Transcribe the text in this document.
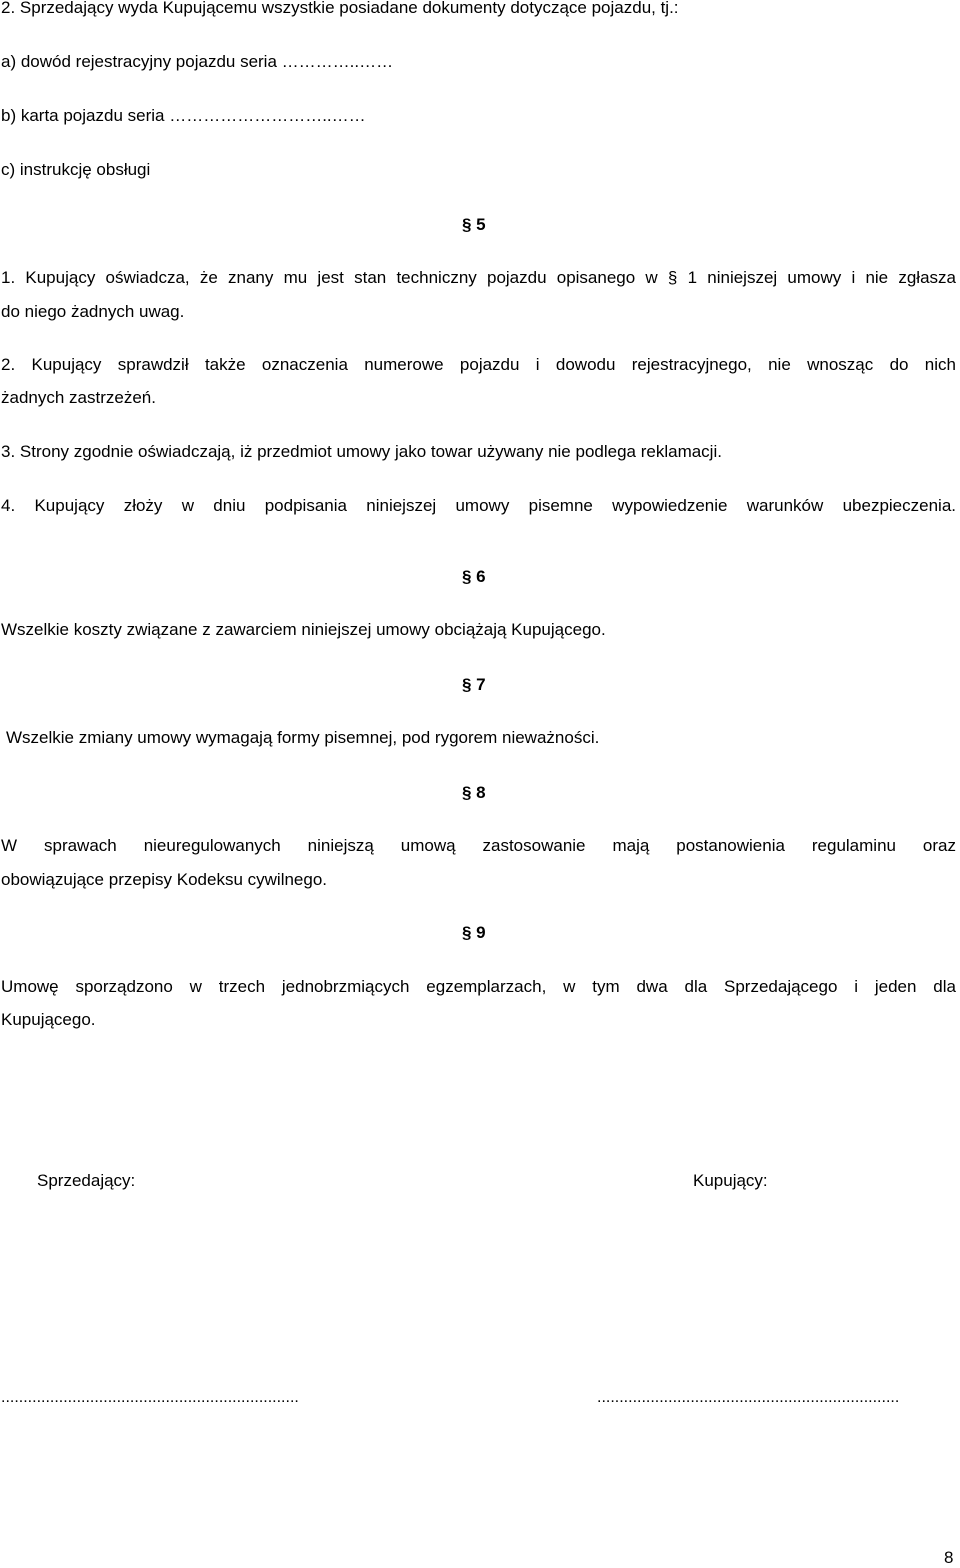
2. Sprzedający wyda Kupującemu wszystkie posiadane dokumenty dotyczące pojazdu, tj.:

a) dowód rejestracyjny pojazdu seria …………..……

b) karta pojazdu seria ………………………..……

c) instrukcję obsługi

§ 5

1. Kupujący oświadcza, że znany mu jest stan techniczny pojazdu opisanego w § 1 niniejszej umowy i nie zgłasza

do niego żadnych uwag.

2. Kupujący sprawdził także oznaczenia numerowe pojazdu i dowodu rejestracyjnego, nie wnosząc do nich

żadnych zastrzeżeń.

3. Strony zgodnie oświadczają, iż przedmiot umowy jako towar używany nie podlega reklamacji.

4. Kupujący złoży w dniu podpisania niniejszej umowy pisemne wypowiedzenie warunków ubezpieczenia.

§ 6

Wszelkie koszty związane z zawarciem niniejszej umowy obciążają Kupującego.

§ 7

Wszelkie zmiany umowy wymagają formy pisemnej, pod rygorem nieważności.

§ 8

W sprawach nieuregulowanych niniejszą umową zastosowanie mają postanowienia regulaminu oraz

obowiązujące przepisy Kodeksu cywilnego.

§ 9

Umowę sporządzono w trzech jednobrzmiących egzemplarzach, w tym dwa dla Sprzedającego i jeden dla

Kupującego.

Sprzedający:	Kupujący:

...................................................................	....................................................................

8
